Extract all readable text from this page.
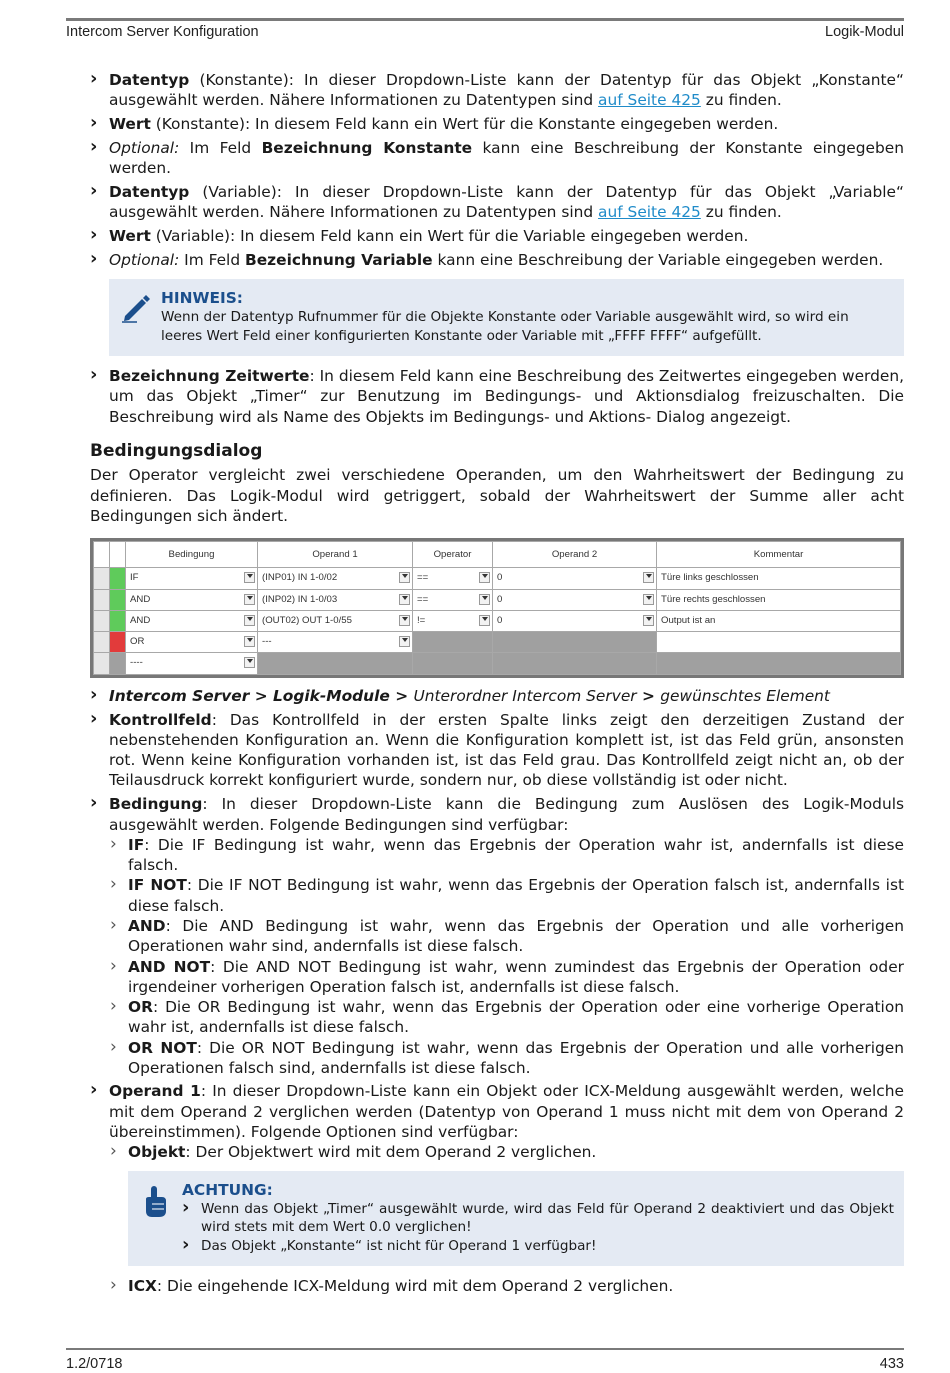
Intercom Server Konfiguration	Logik-Modul
› Datentyp (Konstante): In dieser Dropdown-Liste kann der Datentyp für das Objekt „Konstante“ ausgewählt werden. Nähere Informationen zu Datentypen sind auf Seite 425 zu finden.
› Wert (Konstante): In diesem Feld kann ein Wert für die Konstante eingegeben werden.
› Optional: Im Feld Bezeichnung Konstante kann eine Beschreibung der Konstante eingegeben werden.
› Datentyp (Variable): In dieser Dropdown-Liste kann der Datentyp für das Objekt „Variable“ ausgewählt werden. Nähere Informationen zu Datentypen sind auf Seite 425 zu finden.
› Wert (Variable): In diesem Feld kann ein Wert für die Variable eingegeben werden.
› Optional: Im Feld Bezeichnung Variable kann eine Beschreibung der Variable eingegeben werden.
HINWEIS:
Wenn der Datentyp Rufnummer für die Objekte Konstante oder Variable ausgewählt wird, so wird ein leeres Wert Feld einer konfigurierten Konstante oder Variable mit „FFFF FFFF“ aufgefüllt.
› Bezeichnung Zeitwerte: In diesem Feld kann eine Beschreibung des Zeitwertes eingegeben werden, um das Objekt „Timer“ zur Benutzung im Bedingungs- und Aktionsdialog freizuschalten. Die Beschreibung wird als Name des Objekts im Bedingungs- und Aktions- Dialog angezeigt.
Bedingungsdialog
Der Operator vergleicht zwei verschiedene Operanden, um den Wahrheitswert der Bedingung zu definieren. Das Logik-Modul wird getriggert, sobald der Wahrheitswert der Summe aller acht Bedingungen sich ändert.
		Bedingung	Operand 1	Operator	Operand 2	Kommentar
		IF	(INP01) IN 1-0/02	==	0	Türe links geschlossen
		AND	(INP02) IN 1-0/03	==	0	Türe rechts geschlossen
		AND	(OUT02) OUT 1-0/55	!=	0	Output ist an
		OR	---

		----

› Intercom Server > Logik-Module > Unterordner Intercom Server > gewünschtes Element
› Kontrollfeld: Das Kontrollfeld in der ersten Spalte links zeigt den derzeitigen Zustand der nebenstehenden Konfiguration an. Wenn die Konfiguration komplett ist, ist das Feld grün, ansonsten rot. Wenn keine Konfiguration vorhanden ist, ist das Feld grau. Das Kontrollfeld zeigt nicht an, ob der Teilausdruck korrekt konfiguriert wurde, sondern nur, ob diese vollständig ist oder nicht.
› Bedingung: In dieser Dropdown-Liste kann die Bedingung zum Auslösen des Logik-Moduls ausgewählt werden. Folgende Bedingungen sind verfügbar:
› IF: Die IF Bedingung ist wahr, wenn das Ergebnis der Operation wahr ist, andernfalls ist diese falsch.
› IF NOT: Die IF NOT Bedingung ist wahr, wenn das Ergebnis der Operation falsch ist, andernfalls ist diese falsch.
› AND: Die AND Bedingung ist wahr, wenn das Ergebnis der Operation und alle vorherigen Operationen wahr sind, andernfalls ist diese falsch.
› AND NOT: Die AND NOT Bedingung ist wahr, wenn zumindest das Ergebnis der Operation oder irgendeiner vorherigen Operation falsch ist, andernfalls ist diese falsch.
› OR: Die OR Bedingung ist wahr, wenn das Ergebnis der Operation oder eine vorherige Operation wahr ist, andernfalls ist diese falsch.
› OR NOT: Die OR NOT Bedingung ist wahr, wenn das Ergebnis der Operation und alle vorherigen Operationen falsch sind, andernfalls ist diese falsch.
› Operand 1: In dieser Dropdown-Liste kann ein Objekt oder ICX-Meldung ausgewählt werden, welche mit dem Operand 2 verglichen werden (Datentyp von Operand 1 muss nicht mit dem von Operand 2 übereinstimmen). Folgende Optionen sind verfügbar:
› Objekt: Der Objektwert wird mit dem Operand 2 verglichen.
ACHTUNG:
› Wenn das Objekt „Timer“ ausgewählt wurde, wird das Feld für Operand 2 deaktiviert und das Objekt wird stets mit dem Wert 0.0 verglichen!
› Das Objekt „Konstante“ ist nicht für Operand 1 verfügbar!
› ICX: Die eingehende ICX-Meldung wird mit dem Operand 2 verglichen.
1.2/0718	433
